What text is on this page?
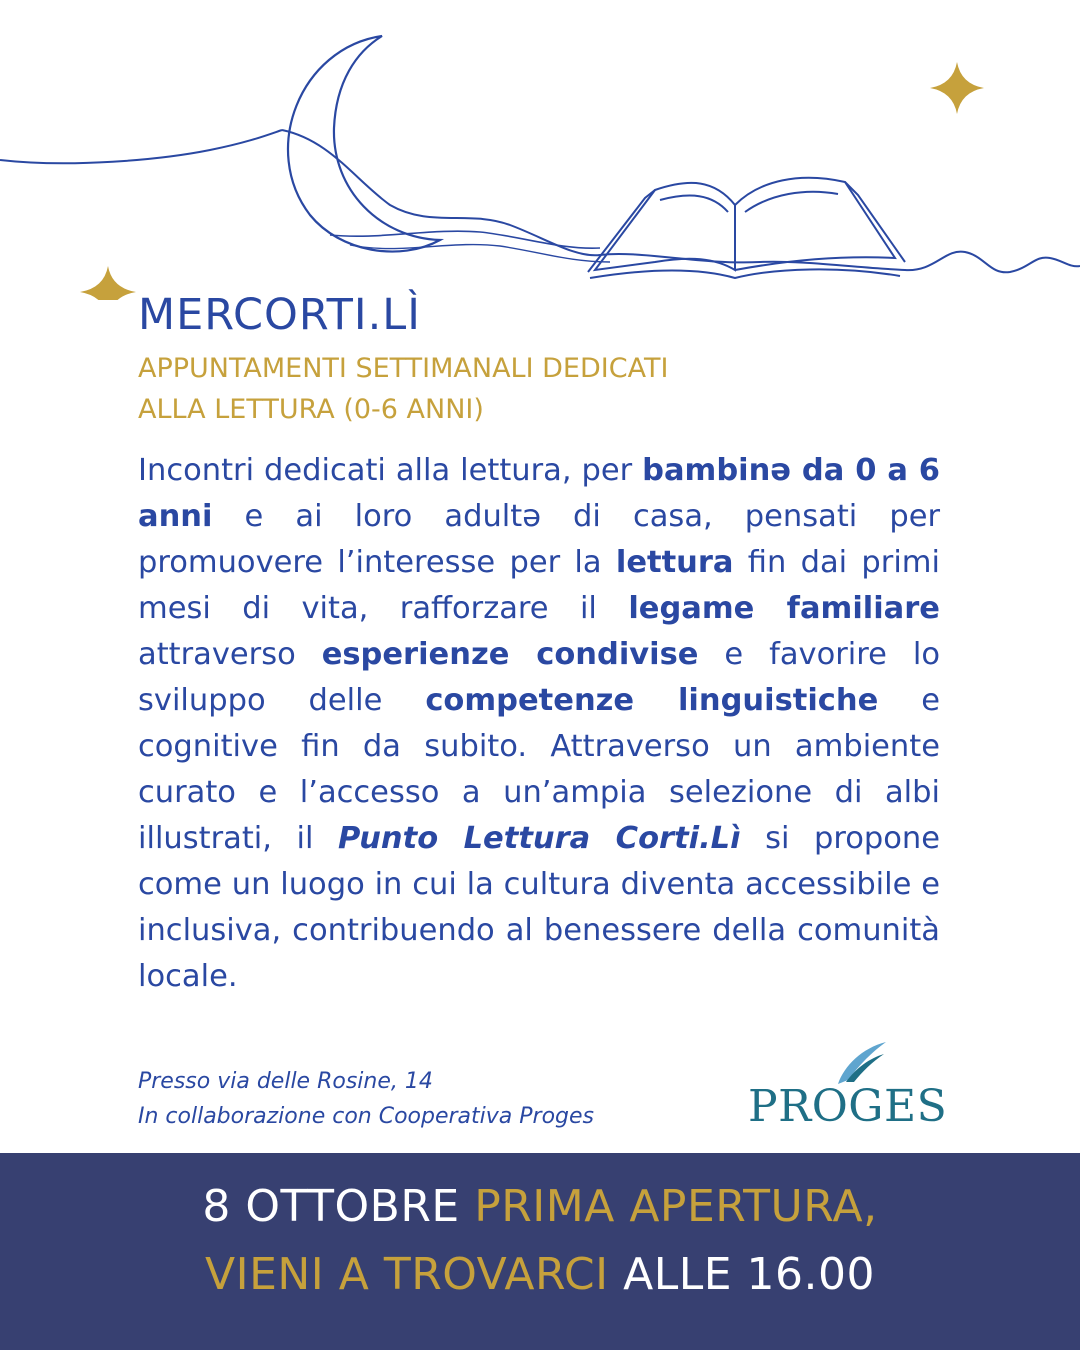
MERCORTI.LÌ

APPUNTAMENTI SETTIMANALI DEDICATI
ALLA LETTURA (0-6 ANNI)

Incontri dedicati alla lettura, per bambinə da 0 a 6 anni e ai loro adultə di casa, pensati per promuovere l’interesse per la lettura fin dai primi mesi di vita, rafforzare il legame familiare attraverso esperienze condivise e favorire lo sviluppo delle competenze linguistiche e cognitive fin da subito. Attraverso un ambiente curato e l’accesso a un’ampia selezione di albi illustrati, il Punto Lettura Corti.Lì si propone come un luogo in cui la cultura diventa accessibile e inclusiva, contribuendo al benessere della comunità locale.

Presso via delle Rosine, 14
In collaborazione con Cooperativa Proges	PROGES

8 OTTOBRE PRIMA APERTURA,

VIENI A TROVARCI ALLE 16.00
